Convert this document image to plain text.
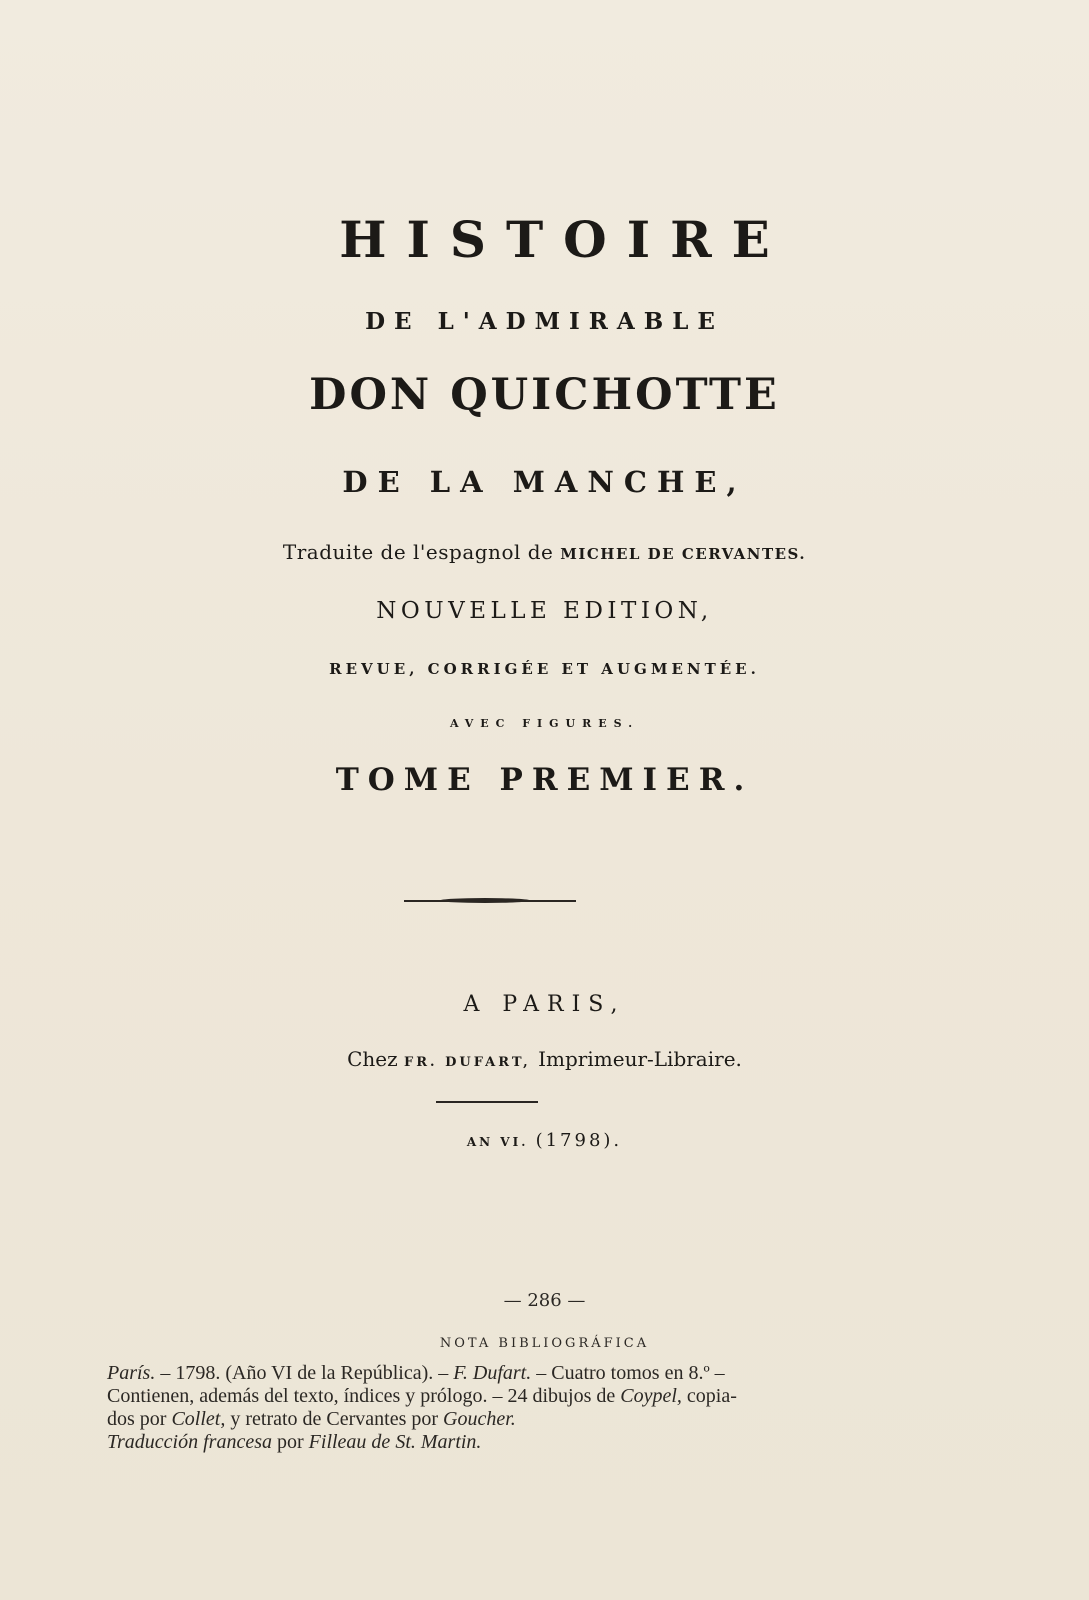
HISTOIRE
DE L'ADMIRABLE
DON QUICHOTTE
DE LA MANCHE,
Traduite de l'espagnol de MICHEL DE CERVANTES.
NOUVELLE EDITION,
REVUE, CORRIGÉE ET AUGMENTÉE.
AVEC FIGURES.
TOME PREMIER.
A PARIS,
Chez FR. DUFART, Imprimeur-Libraire.
AN VI. (1798).
— 286 —
NOTA BIBLIOGRÁFICA
París. – 1798. (Año VI de la República). – F. Dufart. – Cuatro tomos en 8.º –
Contienen, además del texto, índices y prólogo. – 24 dibujos de Coypel, copia-
dos por Collet, y retrato de Cervantes por Goucher.
Traducción francesa por Filleau de St. Martin.
